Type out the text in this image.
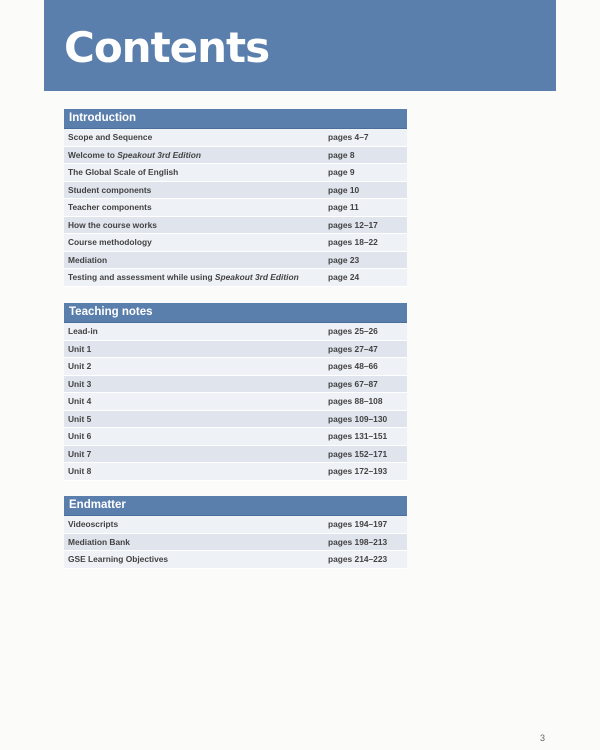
Contents
Introduction
Scope and Sequence	pages 4–7
Welcome to Speakout 3rd Edition	page 8
The Global Scale of English	page 9
Student components	page 10
Teacher components	page 11
How the course works	pages 12–17
Course methodology	pages 18–22
Mediation	page 23
Testing and assessment while using Speakout 3rd Edition	page 24
Teaching notes
Lead-in	pages 25–26
Unit 1	pages 27–47
Unit 2	pages 48–66
Unit 3	pages 67–87
Unit 4	pages 88–108
Unit 5	pages 109–130
Unit 6	pages 131–151
Unit 7	pages 152–171
Unit 8	pages 172–193
Endmatter
Videoscripts	pages 194–197
Mediation Bank	pages 198–213
GSE Learning Objectives	pages 214–223
3
